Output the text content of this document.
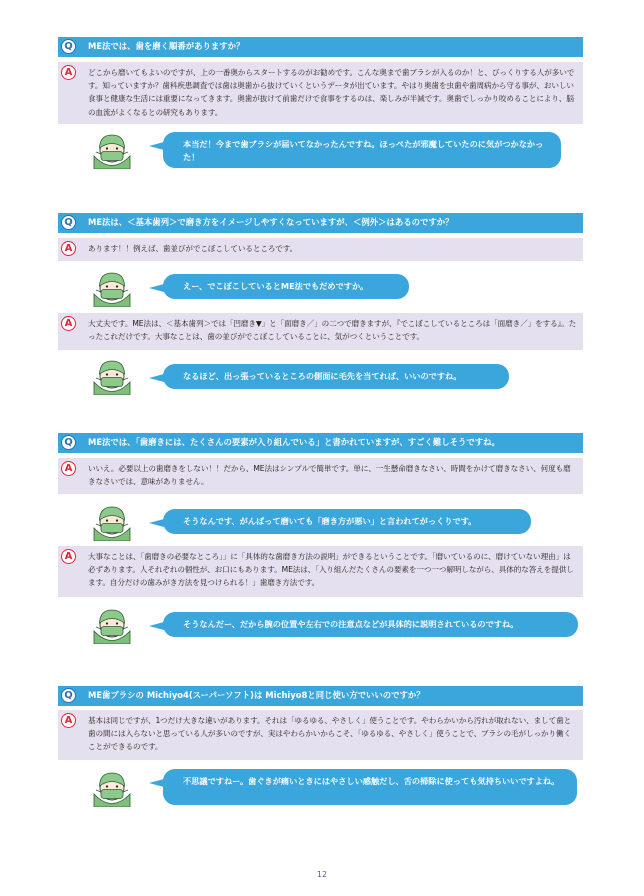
Q	ME法では、歯を磨く順番がありますか？
A	どこから磨いてもよいのですが、上の一番奥からスタートするのがお勧めです。こんな奥まで歯ブラシが入るのか！と、びっくりする人が多いです。知っていますか？歯科疾患調査では歯は奥歯から抜けていくというデータが出ています。やはり奥歯を虫歯や歯周病から守る事が、おいしい食事と健康な生活には重要になってきます。奥歯が抜けて前歯だけで食事をするのは、楽しみが半減です。奥歯でしっかり咬めることにより、脳の血流がよくなるとの研究もあります。

本当だ！今まで歯ブラシが届いてなかったんですね。ほっぺたが邪魔していたのに気がつかなかった！
Q	ME法は、＜基本歯列＞で磨き方をイメージしやすくなっていますが、＜例外＞はあるのですか？
A	あります！！例えば、歯並びがでこぼこしているところです。

えー、でこぼこしているとME法でもだめですか。
A	大丈夫です。ME法は、＜基本歯列＞では「凹磨き▼」と「面磨き／」の二つで磨きますが、『でこぼこしているところは「面磨き／」をする』。たったこれだけです。大事なことは、歯の並びがでこぼこしていることに、気がつくということです。

なるほど、出っ張っているところの側面に毛先を当てれば、いいのですね。
Q	ME法では、「歯磨きには、たくさんの要素が入り組んでいる」と書かれていますが、すごく難しそうですね。
A	いいえ。必要以上の歯磨きをしない！！だから、ME法はシンプルで簡単です。単に、一生懸命磨きなさい、時間をかけて磨きなさい、何度も磨きなさいでは、意味がありません。

そうなんです、がんばって磨いても「磨き方が悪い」と言われてがっくりです。
A	大事なことは、「歯磨きの必要なところ」」に「具体的な歯磨き方法の説明」ができるということです。「磨いているのに、磨けていない理由」は必ずあります。人それぞれの個性が、お口にもあります。ME法は、「入り組んだたくさんの要素を一つ一つ解明しながら、具体的な答えを提供します。自分だけの歯みがき方法を見つけられる！」歯磨き方法です。

そうなんだー、だから腕の位置や左右での注意点などが具体的に説明されているのですね。
Q	ME歯ブラシの Michiyo4(スーパーソフト)は Michiyo8と同じ使い方でいいのですか？
A	基本は同じですが、1つだけ大きな違いがあります。それは「ゆるゆる、やさしく」使うことです。やわらかいから汚れが取れない、まして歯と歯の間には入らないと思っている人が多いのですが、実はやわらかいからこそ、「ゆるゆる、やさしく」使うことで、ブラシの毛がしっかり働くことができるのです。

不思議ですねー。歯ぐきが痛いときにはやさしい感触だし、舌の掃除に使っても気持ちいいですよね。
12
